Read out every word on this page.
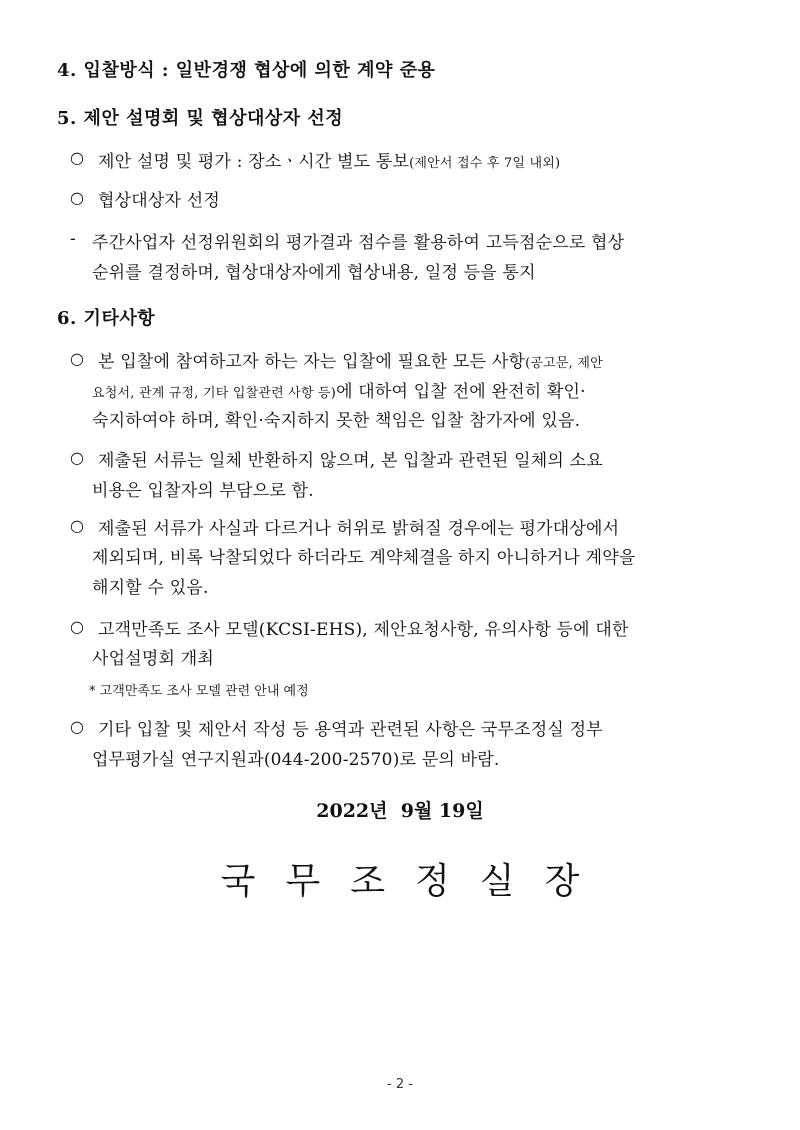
4. 입찰방식 : 일반경쟁 협상에 의한 계약 준용
5. 제안 설명회 및 협상대상자 선정
○ 제안 설명 및 평가 : 장소ㆍ시간 별도 통보(제안서 접수 후 7일 내외)
○ 협상대상자 선정
- 주간사업자 선정위원회의 평가결과 점수를 활용하여 고득점순으로 협상
순위를 결정하며, 협상대상자에게 협상내용, 일정 등을 통지
6. 기타사항
○ 본 입찰에 참여하고자 하는 자는 입찰에 필요한 모든 사항(공고문, 제안
요청서, 관계 규정, 기타 입찰관련 사항 등)에 대하여 입찰 전에 완전히 확인·
숙지하여야 하며, 확인·숙지하지 못한 책임은 입찰 참가자에 있음.
○ 제출된 서류는 일체 반환하지 않으며, 본 입찰과 관련된 일체의 소요
비용은 입찰자의 부담으로 함.
○ 제출된 서류가 사실과 다르거나 허위로 밝혀질 경우에는 평가대상에서
제외되며, 비록 낙찰되었다 하더라도 계약체결을 하지 아니하거나 계약을
해지할 수 있음.
○ 고객만족도 조사 모델(KCSI-EHS), 제안요청사항, 유의사항 등에 대한
사업설명회 개최
* 고객만족도 조사 모델 관련 안내 예정
○ 기타 입찰 및 제안서 작성 등 용역과 관련된 사항은 국무조정실 정부
업무평가실 연구지원과(044-200-2570)로 문의 바람.
2022년  9월 19일
국무조정실장
- 2 -
